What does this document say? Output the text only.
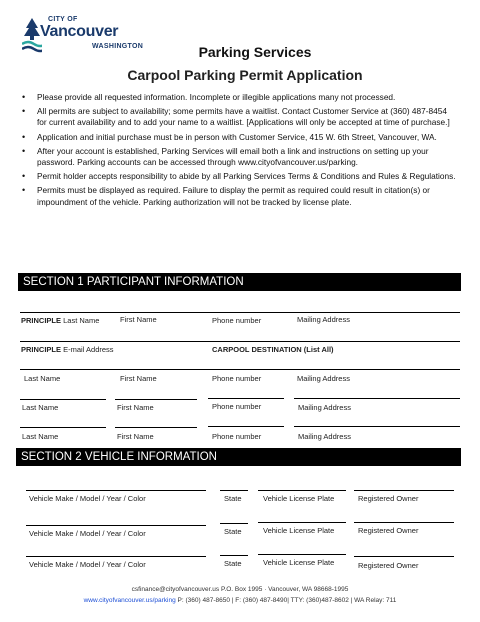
CITY OF
Vancouver
WASHINGTON	Parking Services
Carpool Parking Permit Application
• Please provide all requested information. Incomplete or illegible applications many not processed.
• All permits are subject to availability; some permits have a waitlist. Contact Customer Service at (360) 487-8454 for current availability and to add your name to a waitlist. [Applications will only be accepted at time of purchase.]
• Application and initial purchase must be in person with Customer Service, 415 W. 6th Street, Vancouver, WA.
• After your account is established, Parking Services will email both a link and instructions on setting up your password. Parking accounts can be accessed through www.cityofvancouver.us/parking.
• Permit holder accepts responsibility to abide by all Parking Services Terms & Conditions and Rules & Regulations.
• Permits must be displayed as required. Failure to display the permit as required could result in citation(s) or impoundment of the vehicle. Parking authorization will not be tracked by license plate.
SECTION 1 PARTICIPANT INFORMATION
PRINCIPLE Last Name	First Name	Phone number	Mailing Address
PRINCIPLE E-mail Address	CARPOOL DESTINATION (List All)
Last Name	First Name	Phone number	Mailing Address
Last Name	First Name	Phone number	Mailing Address
Last Name	First Name	Phone number	Mailing Address
SECTION 2 VEHICLE INFORMATION
Vehicle Make / Model / Year / Color	State	Vehicle License Plate	Registered Owner
Vehicle Make / Model / Year / Color	State	Vehicle License Plate	Registered Owner
Vehicle Make / Model / Year / Color	State	Vehicle License Plate	Registered Owner
csfinance@cityofvancouver.us P.O. Box 1995 · Vancouver, WA 98668-1995
www.cityofvancouver.us/parking P: (360) 487-8650 | F: (360) 487-8490| TTY: (360)487-8602 | WA Relay: 711
